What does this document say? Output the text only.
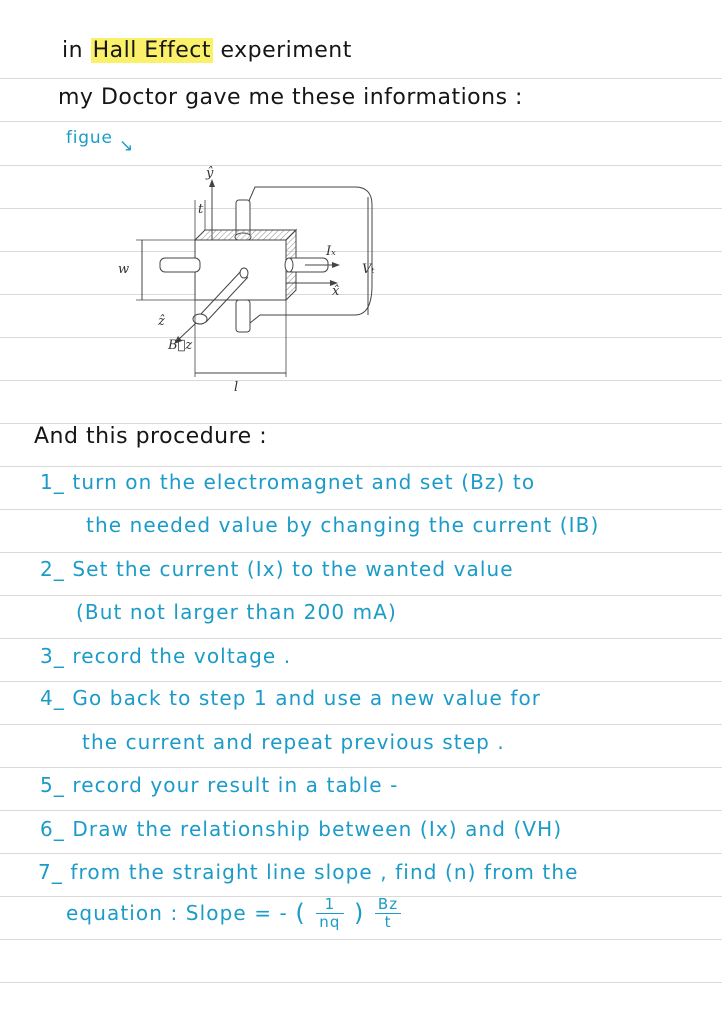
in Hall Effect experiment
my Doctor gave me these informations :
figue ↘
ŷ
t
w
Iₓ
Vₜ
x̂
ẑ
B⃗z
l
And this procedure :
1_ turn on the electromagnet and set (Bz) to
the needed value by changing the current (IB)
2_ Set the current (Ix) to the wanted value
(But not larger than 200 mA)
3_ record the voltage .
4_ Go back to step 1 and use a new value for
the current and repeat previous step .
5_ record your result in a table -
6_ Draw the relationship between (Ix) and (VH)
7_ from the straight line slope , find (n) from the
equation : Slope = - ( $\frac{1}{nq}$ ) $\frac{Bz}{t}$
